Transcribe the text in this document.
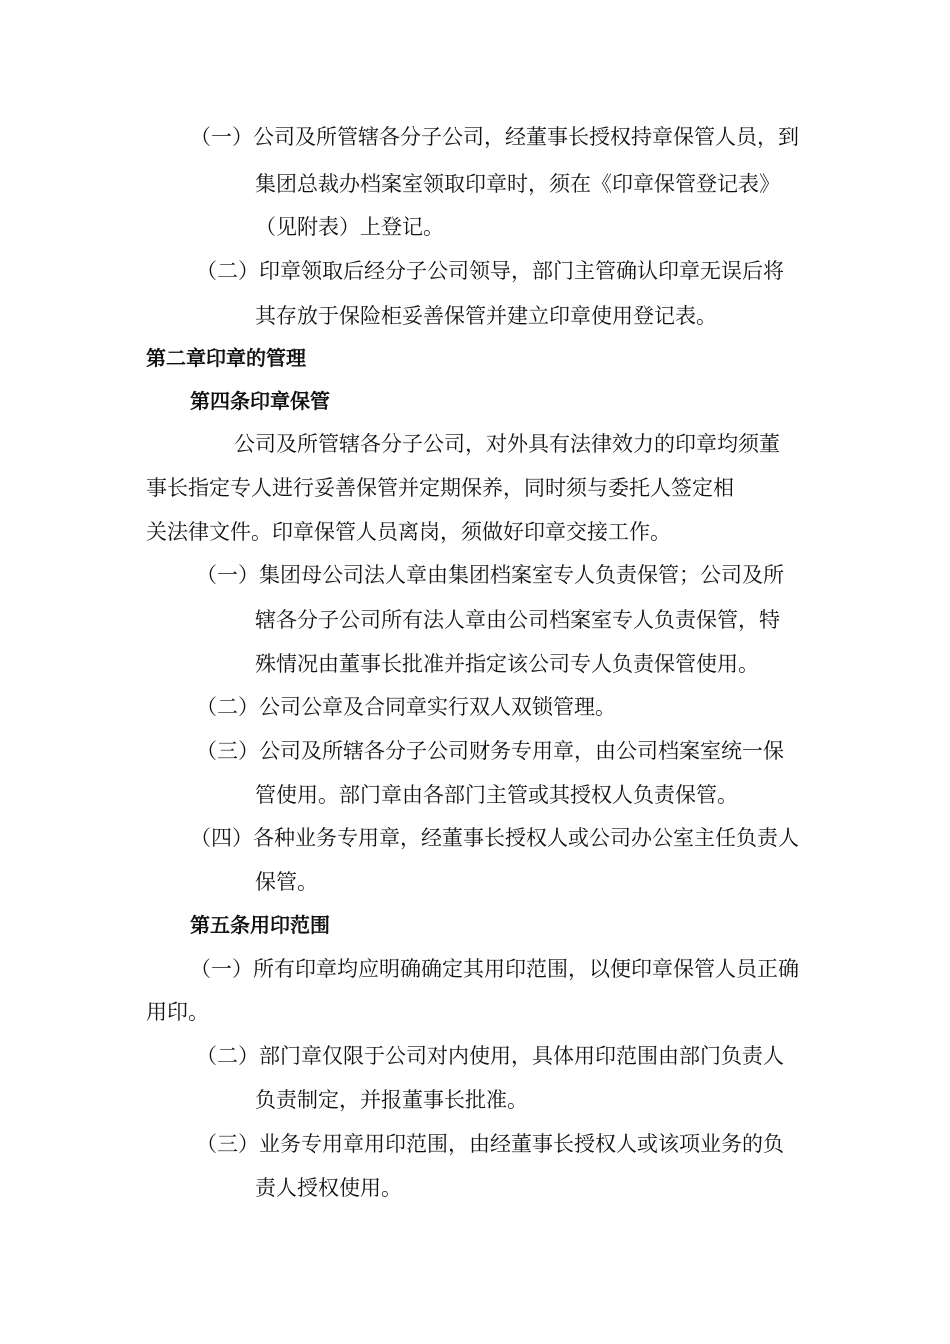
（一）公司及所管辖各分子公司，经董事长授权持章保管人员，到
集团总裁办档案室领取印章时，须在《印章保管登记表》
（见附表）上登记。
（二）印章领取后经分子公司领导，部门主管确认印章无误后将
其存放于保险柜妥善保管并建立印章使用登记表。
第二章印章的管理
第四条印章保管
公司及所管辖各分子公司，对外具有法律效力的印章均须董
事长指定专人进行妥善保管并定期保养，同时须与委托人签定相
关法律文件。印章保管人员离岗，须做好印章交接工作。
（一）集团母公司法人章由集团档案室专人负责保管；公司及所
辖各分子公司所有法人章由公司档案室专人负责保管，特
殊情况由董事长批准并指定该公司专人负责保管使用。
（二）公司公章及合同章实行双人双锁管理。
（三）公司及所辖各分子公司财务专用章，由公司档案室统一保
管使用。部门章由各部门主管或其授权人负责保管。
（四）各种业务专用章，经董事长授权人或公司办公室主任负责人
保管。
第五条用印范围
（一）所有印章均应明确确定其用印范围，以便印章保管人员正确
用印。
（二）部门章仅限于公司对内使用，具体用印范围由部门负责人
负责制定，并报董事长批准。
（三）业务专用章用印范围，由经董事长授权人或该项业务的负
责人授权使用。
